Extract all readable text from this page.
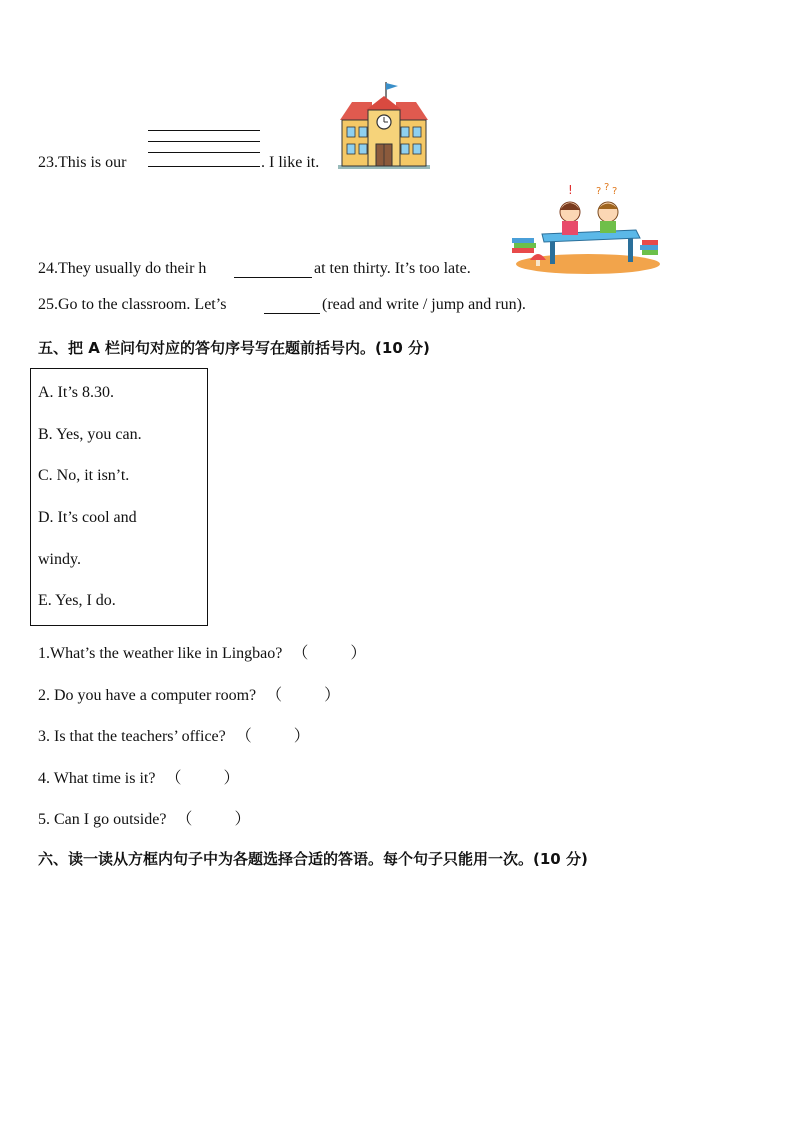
23.This is our	. I like it.
24.They usually do their h	at ten thirty. It’s too late.
! ? ? ?
25.Go to the classroom. Let’s	(read and write / jump and run).
五、把 A 栏问句对应的答句序号写在题前括号内。(10 分)
A. It’s 8.30.
B. Yes, you can.
C. No, it isn’t.
D. It’s cool and
windy.
E. Yes, I do.
1.What’s the weather like in Lingbao? （	）
2. Do you have a computer room? （	）
3. Is that the teachers’ office? （	）
4. What time is it? （	）
5. Can I go outside? （	）
六、读一读从方框内句子中为各题选择合适的答语。每个句子只能用一次。(10 分)
